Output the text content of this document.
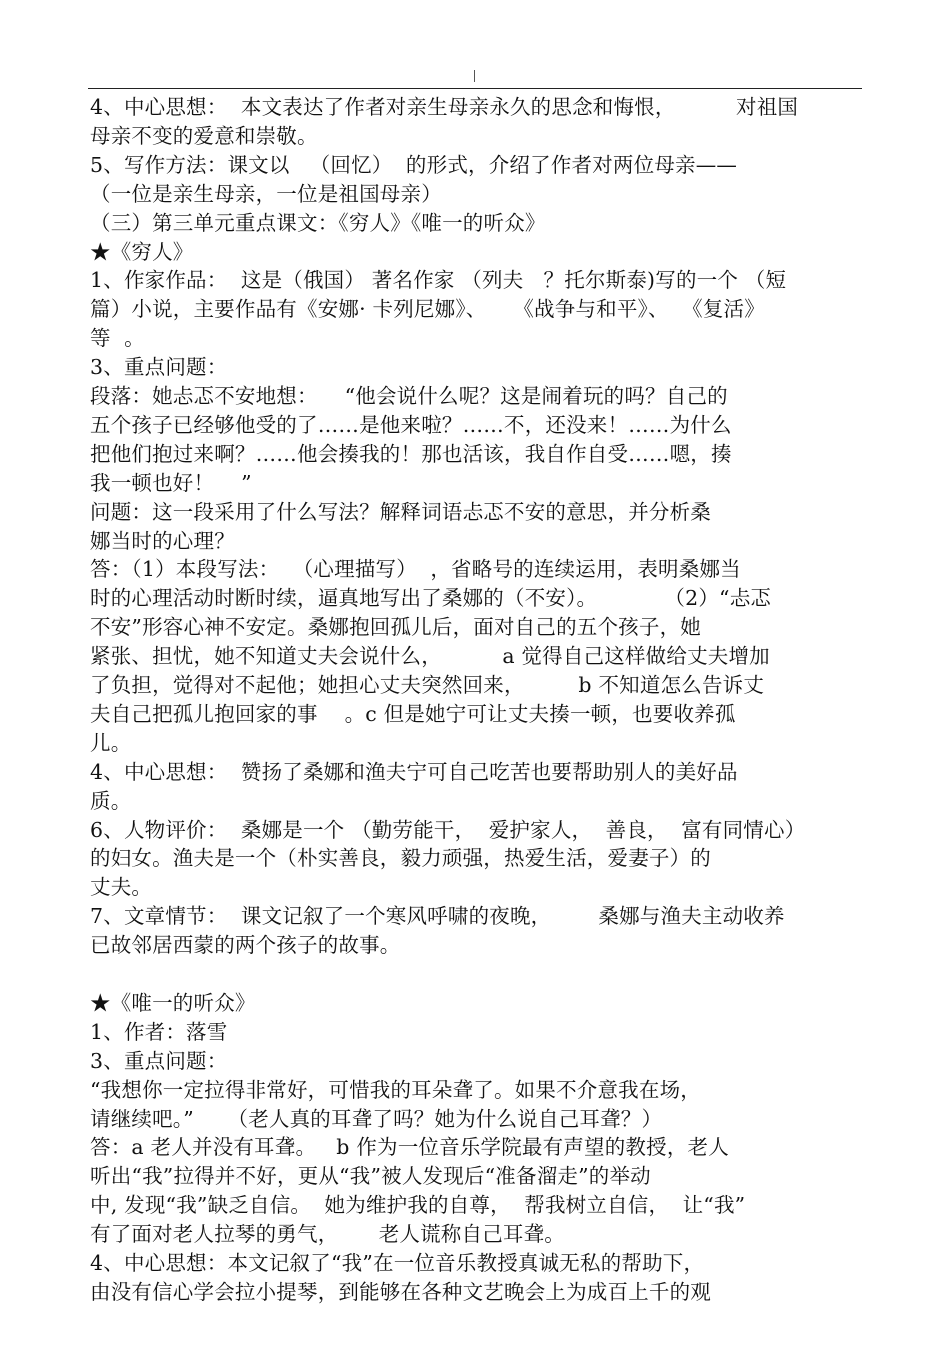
4、中心思想：  本文表达了作者对亲生母亲永久的思念和悔恨，         对祖国
母亲不变的爱意和崇敬。
5、写作方法：课文以   （回忆）  的形式，介绍了作者对两位母亲——
（一位是亲生母亲，一位是祖国母亲）
（三）第三单元重点课文：《穷人》《唯一的听众》
★《穷人》
1、作家作品：  这是（俄国） 著名作家 （列夫   ？托尔斯泰)写的一个 （短
篇）小说，主要作品有《安娜· 卡列尼娜》、    《战争与和平》、  《复活》
等  。
3、重点问题：
段落：她忐忑不安地想：    “他会说什么呢？这是闹着玩的吗？自己的
五个孩子已经够他受的了……是他来啦？……不，还没来！……为什么
把他们抱过来啊？……他会揍我的！那也活该，我自作自受……嗯，揍
我一顿也好！    ”
问题：这一段采用了什么写法？解释词语忐忑不安的意思，并分析桑
娜当时的心理？
答：（1）本段写法：  （心理描写）  ，省略号的连续运用，表明桑娜当
时的心理活动时断时续，逼真地写出了桑娜的（不安）。          （2）“忐忑
不安”形容心神不安定。桑娜抱回孤儿后，面对自己的五个孩子，她
紧张、担忧，她不知道丈夫会说什么，         a 觉得自己这样做给丈夫增加
了负担，觉得对不起他；她担心丈夫突然回来，        b 不知道怎么告诉丈
夫自己把孤儿抱回家的事    。c 但是她宁可让丈夫揍一顿，也要收养孤
儿。
4、中心思想：  赞扬了桑娜和渔夫宁可自己吃苦也要帮助别人的美好品
质。
6、人物评价：  桑娜是一个 （勤劳能干，  爱护家人，  善良，  富有同情心）
的妇女。渔夫是一个（朴实善良，毅力顽强，热爱生活，爱妻子）的
丈夫。
7、文章情节：  课文记叙了一个寒风呼啸的夜晚，       桑娜与渔夫主动收养
已故邻居西蒙的两个孩子的故事。
★《唯一的听众》
1、作者：落雪
3、重点问题：
“我想你一定拉得非常好，可惜我的耳朵聋了。如果不介意我在场，
请继续吧。”     （老人真的耳聋了吗？她为什么说自己耳聋？）
答：a 老人并没有耳聋。   b 作为一位音乐学院最有声望的教授，老人
听出“我”拉得并不好，更从“我”被人发现后“准备溜走”的举动
中, 发现“我”缺乏自信。  她为维护我的自尊，  帮我树立自信，  让“我”
有了面对老人拉琴的勇气，      老人谎称自己耳聋。
4、中心思想：本文记叙了“我”在一位音乐教授真诚无私的帮助下，
由没有信心学会拉小提琴，到能够在各种文艺晚会上为成百上千的观
